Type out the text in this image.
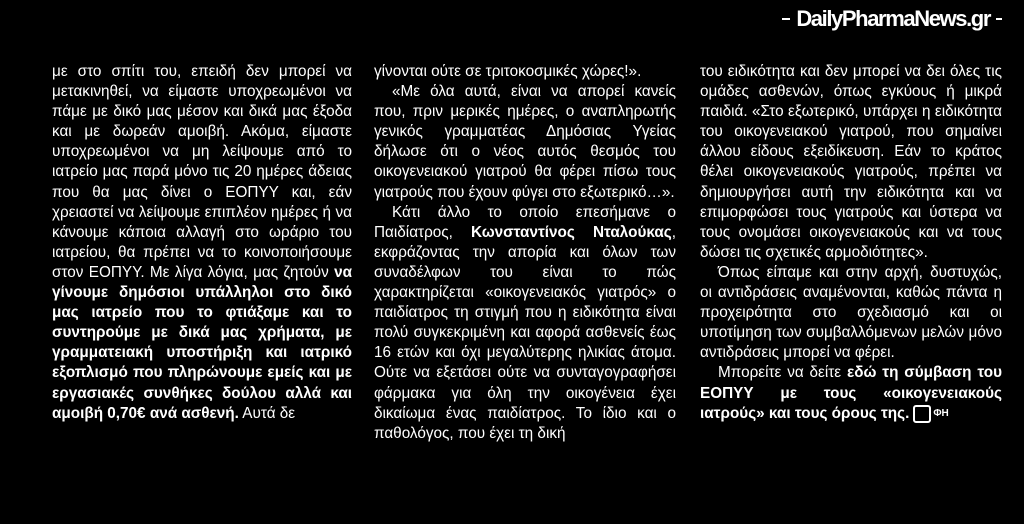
DailyPharmaNews.gr

με στο σπίτι του, επειδή δεν μπορεί να μετακινηθεί, να είμαστε υποχρεωμένοι να πάμε με δικό μας μέσον και δικά μας έξοδα και με δωρεάν αμοιβή. Ακόμα, είμαστε υποχρεωμένοι να μη λείψουμε από το ιατρείο μας παρά μόνο τις 20 ημέρες άδειας που θα μας δίνει ο ΕΟΠΥΥ και, εάν χρειαστεί να λείψουμε επιπλέον ημέρες ή να κάνουμε κάποια αλλαγή στο ωράριο του ιατρείου, θα πρέπει να το κοινοποιήσουμε στον ΕΟΠΥΥ. Με λίγα λόγια, μας ζητούν να γίνουμε δημόσιοι υπάλληλοι στο δικό μας ιατρείο που το φτιάξαμε και το συντηρούμε με δικά μας χρήματα, με γραμματειακή υποστήριξη και ιατρικό εξοπλισμό που πληρώνουμε εμείς και με εργασιακές συνθήκες δούλου αλλά και αμοιβή 0,70€ ανά ασθενή. Αυτά δε

γίνονται ούτε σε τριτοκοσμικές χώρες!».

«Με όλα αυτά, είναι να απορεί κανείς που, πριν μερικές ημέρες, ο αναπληρωτής γενικός γραμματέας Δημόσιας Υγείας δήλωσε ότι ο νέος αυτός θεσμός του οικογενειακού γιατρού θα φέρει πίσω τους γιατρούς που έχουν φύγει στο εξωτερικό…».

Κάτι άλλο το οποίο επεσήμανε ο Παιδίατρος, Κωνσταντίνος Νταλούκας, εκφράζοντας την απορία και όλων των συναδέλφων του είναι το πώς χαρακτηρίζεται «οικογενειακός γιατρός» ο παιδίατρος τη στιγμή που η ειδικότητα είναι πολύ συγκεκριμένη και αφορά ασθενείς έως 16 ετών και όχι μεγαλύτερης ηλικίας άτομα. Ούτε να εξετάσει ούτε να συνταγογραφήσει φάρμακα για όλη την οικογένεια έχει δικαίωμα ένας παιδίατρος. Το ίδιο και ο παθολόγος, που έχει τη δική

του ειδικότητα και δεν μπορεί να δει όλες τις ομάδες ασθενών, όπως εγκύους ή μικρά παιδιά. «Στο εξωτερικό, υπάρχει η ειδικότητα του οικογενειακού γιατρού, που σημαίνει άλλου είδους εξειδίκευση. Εάν το κράτος θέλει οικογενειακούς γιατρούς, πρέπει να δημιουργήσει αυτή την ειδικότητα και να επιμορφώσει τους γιατρούς και ύστερα να τους ονομάσει οικογενειακούς και να τους δώσει τις σχετικές αρμοδιότητες».

Όπως είπαμε και στην αρχή, δυστυχώς, οι αντιδράσεις αναμένονται, καθώς πάντα η προχειρότητα στο σχεδιασμό και οι υποτίμηση των συμβαλλόμενων μελών μόνο αντιδράσεις μπορεί να φέρει.

Μπορείτε να δείτε εδώ τη σύμβαση του ΕΟΠΥΥ με τους «οικογενειακούς ιατρούς» και τους όρους της. ΦΗ
